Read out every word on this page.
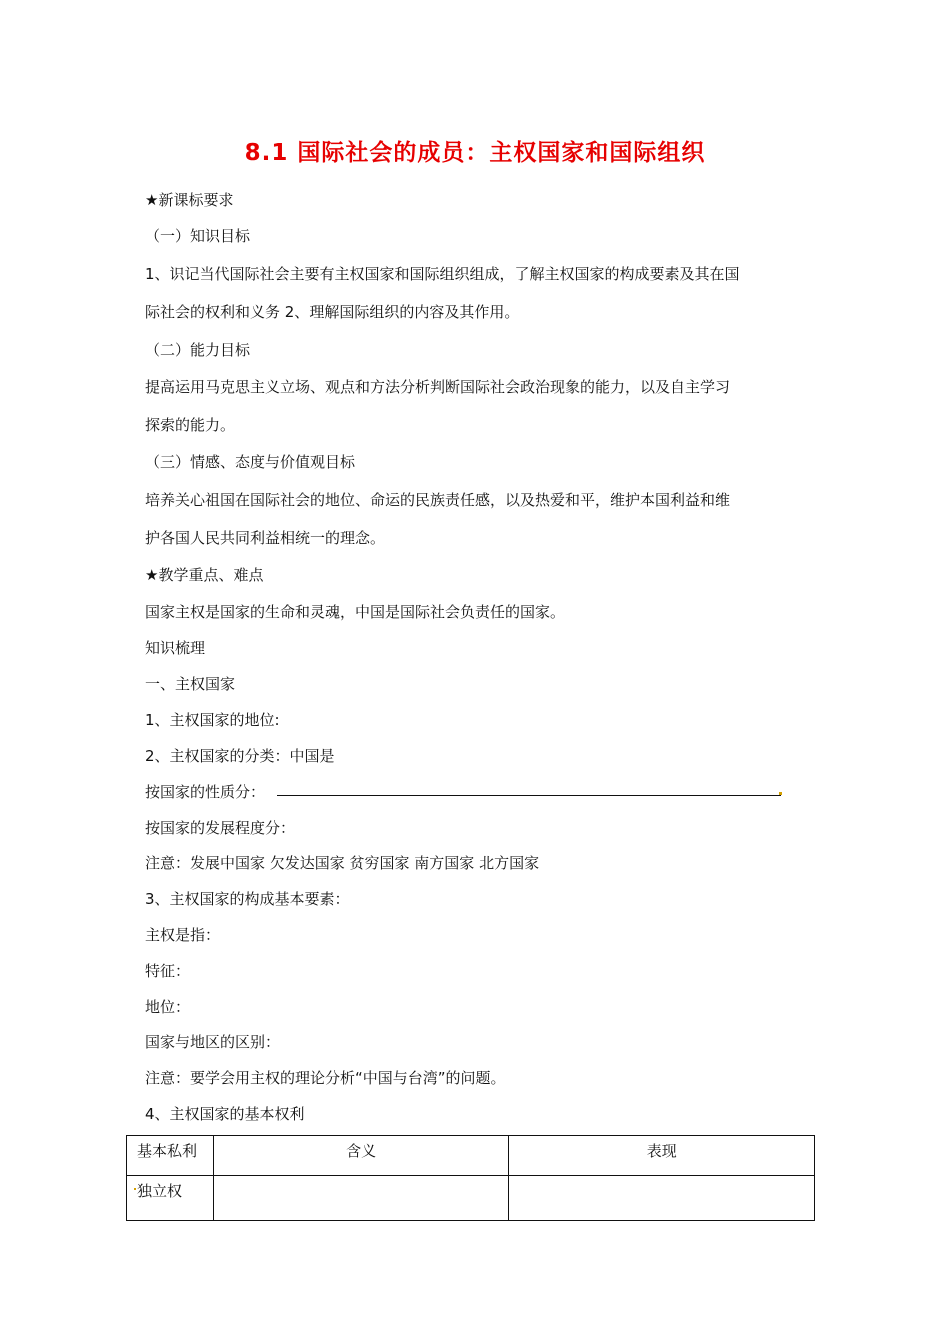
8.1 国际社会的成员：主权国家和国际组织
★新课标要求
（一）知识目标
1、识记当代国际社会主要有主权国家和国际组织组成，了解主权国家的构成要素及其在国
际社会的权利和义务 2、理解国际组织的内容及其作用。
（二）能力目标
提高运用马克思主义立场、观点和方法分析判断国际社会政治现象的能力，以及自主学习
探索的能力。
（三）情感、态度与价值观目标
培养关心祖国在国际社会的地位、命运的民族责任感，以及热爱和平，维护本国利益和维
护各国人民共同利益相统一的理念。
★教学重点、难点
国家主权是国家的生命和灵魂，中国是国际社会负责任的国家。
知识梳理
一、主权国家
1、主权国家的地位:
2、主权国家的分类：中国是
按国家的性质分：
按国家的发展程度分：
注意：发展中国家 欠发达国家 贫穷国家 南方国家 北方国家
3、主权国家的构成基本要素：
主权是指：
特征：
地位：
国家与地区的区别：
注意：要学会用主权的理论分析“中国与台湾”的问题。
4、主权国家的基本权利
基本私利	含义	表现
独立权		
